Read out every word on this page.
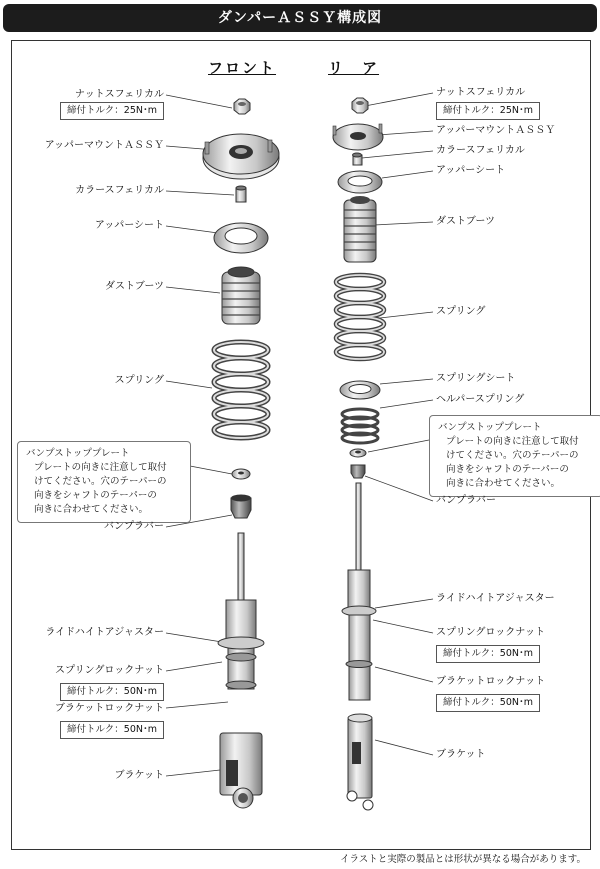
ダンパーＡＳＳＹ構成図
フロント	リ　ア
ナットスフェリカル
締付トルク：25N･m
アッパーマウントＡＳＳＹ
カラースフェリカル
アッパーシート
ダストブーツ
スプリング
バンプストッププレート
プレートの向きに注意して取付
けてください。穴のテーパーの
向きをシャフトのテーパーの
向きに合わせてください。
バンプラバー
ライドハイトアジャスター
スプリングロックナット
締付トルク：50N･m
ブラケットロックナット
締付トルク：50N･m
ブラケット
ナットスフェリカル
締付トルク：25N･m
アッパーマウントＡＳＳＹ
カラースフェリカル
アッパーシート
ダストブーツ
スプリング
スプリングシート
ヘルパースプリング
バンプストッププレート
プレートの向きに注意して取付
けてください。穴のテーパーの
向きをシャフトのテーパーの
向きに合わせてください。
バンプラバー
ライドハイトアジャスター
スプリングロックナット
締付トルク：50N･m
ブラケットロックナット
締付トルク：50N･m
ブラケット
イラストと実際の製品とは形状が異なる場合があります。
